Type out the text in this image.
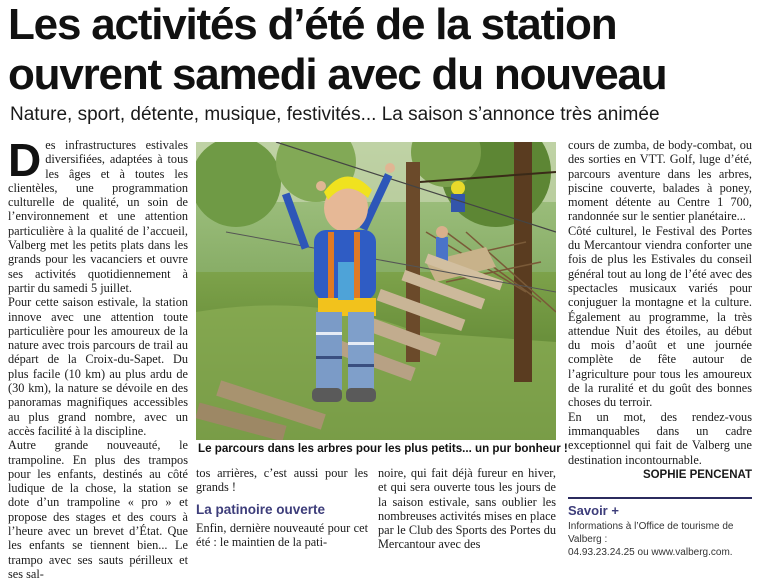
Les activités d’été de la station
ouvrent samedi avec du nouveau
Nature, sport, détente, musique, festivités... La saison s’annonce très animée

Des infrastructures estivales diversifiées, adaptées à tous les âges et à toutes les clientèles, une programmation culturelle de qualité, un soin de l’environnement et une attention particulière à la qualité de l’accueil, Valberg met les petits plats dans les grands pour les vacanciers et ouvre ses activités quotidiennement à partir du samedi 5 juillet.

Pour cette saison estivale, la station innove avec une attention toute particulière pour les amoureux de la nature avec trois parcours de trail au départ de la Croix-du-Sapet. Du plus facile (10 km) au plus ardu de (30 km), la nature se dévoile en des panoramas magnifiques accessibles au plus grand nombre, avec un accès facilité à la discipline.

Autre grande nouveauté, le trampoline. En plus des trampos pour les enfants, destinés au côté ludique de la chose, la station se dote d’un trampoline « pro » et propose des stages et des cours à l’heure avec un brevet d’État. Que les enfants se tiennent bien... Le trampo avec ses sauts périlleux et ses sal-

Le parcours dans les arbres pour les plus petits... un pur bonheur !

tos arrières, c’est aussi pour les grands !

La patinoire ouverte

Enfin, dernière nouveauté pour cet été : le maintien de la pati-

noire, qui fait déjà fureur en hiver, et qui sera ouverte tous les jours de la saison estivale, sans oublier les nombreuses activités mises en place par le Club des Sports des Portes du Mercantour avec des

cours de zumba, de body-combat, ou des sorties en VTT. Golf, luge d’été, parcours aventure dans les arbres, piscine couverte, balades à poney, moment détente au Centre 1 700, randonnée sur le sentier planétaire...

Côté culturel, le Festival des Portes du Mercantour viendra conforter une fois de plus les Estivales du conseil général tout au long de l’été avec des spectacles musicaux variés pour conjuguer la montagne et la culture. Également au programme, la très attendue Nuit des étoiles, au début du mois d’août et une journée complète de fête autour de l’agriculture pour tous les amoureux de la ruralité et du goût des bonnes choses du terroir.

En un mot, des rendez-vous immanquables dans un cadre exceptionnel qui fait de Valberg une destination incontournable.

SOPHIE PENCENAT
Savoir +
Informations à l’Office de tourisme de Valberg :
04.93.23.24.25 ou www.valberg.com.
